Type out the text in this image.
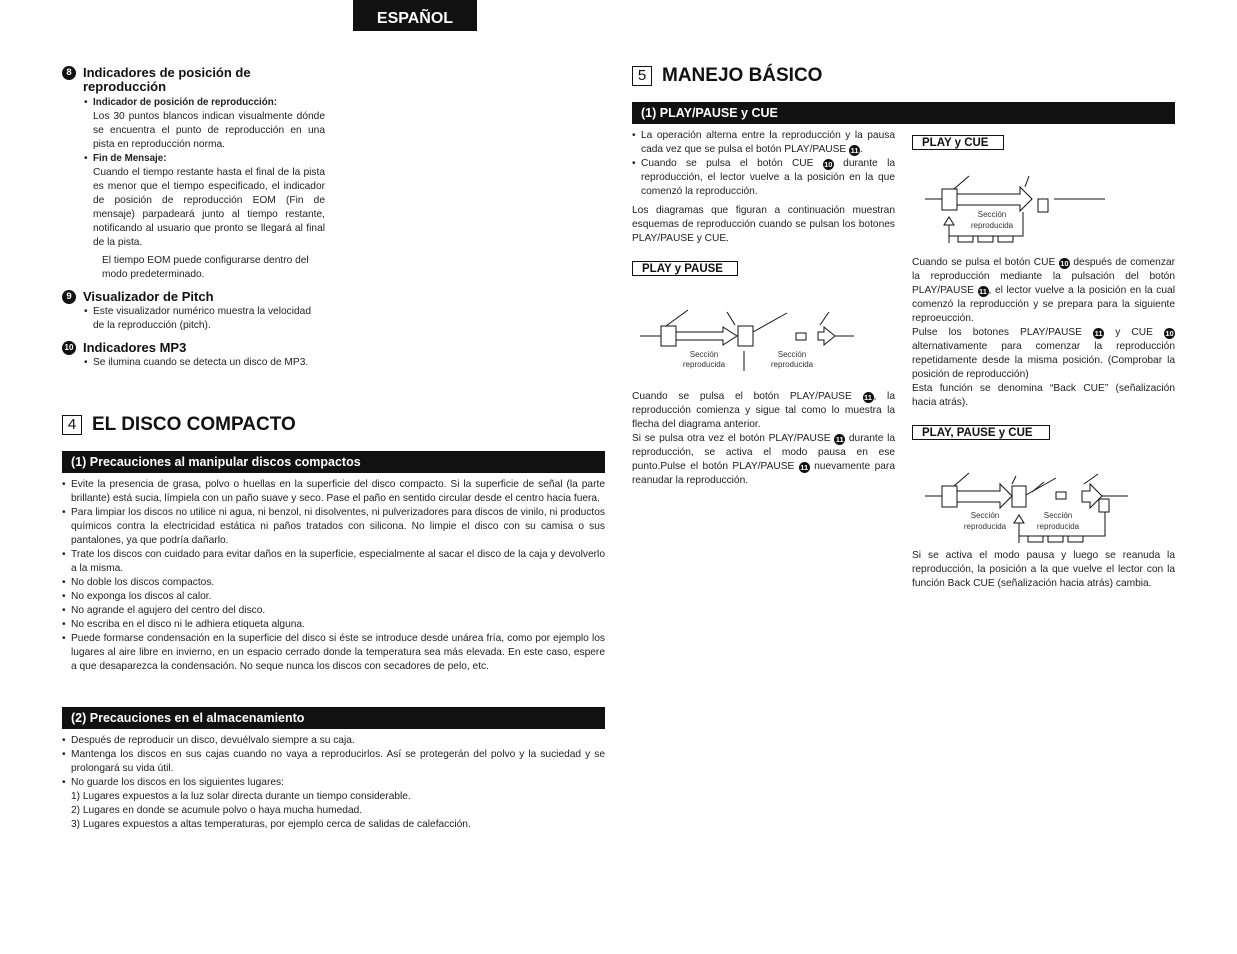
ESPAÑOL
8 Indicadores de posición de reproducción
• Indicador de posición de reproducción:
Los 30 puntos blancos indican visualmente dónde se encuentra el punto de reproducción en una pista en reproducción norma.
• Fin de Mensaje:
Cuando el tiempo restante hasta el final de la pista es menor que el tiempo especificado, el indicador de posición de reproducción EOM (Fin de mensaje) parpadeará junto al tiempo restante, notificando al usuario que pronto se llegará al final de la pista.
El tiempo EOM puede configurarse dentro del modo predeterminado.
9 Visualizador de Pitch
• Este visualizador numérico muestra la velocidad de la reproducción (pitch).
10 Indicadores MP3
• Se ilumina cuando se detecta un disco de MP3.
4 EL DISCO COMPACTO
(1) Precauciones al manipular discos compactos
• Evite la presencia de grasa, polvo o huellas en la superficie del disco compacto. Si la superficie de señal (la parte brillante) está sucia, límpiela con un paño suave y seco. Pase el paño en sentido circular desde el centro hacia fuera.
• Para limpiar los discos no utilice ni agua, ni benzol, ni disolventes, ni pulverizadores para discos de vinilo, ni productos químicos contra la electricidad estática ni paños tratados con silicona. No limpie el disco con su camisa o sus pantalones, ya que podría dañarlo.
• Trate los discos con cuidado para evitar daños en la superficie, especialmente al sacar el disco de la caja y devolverlo a la misma.
• No doble los discos compactos.
• No exponga los discos al calor.
• No agrande el agujero del centro del disco.
• No escriba en el disco ni le adhiera etiqueta alguna.
• Puede formarse condensación en la superficie del disco si éste se introduce desde unárea fría, como por ejemplo los lugares al aire libre en invierno, en un espacio cerrado donde la temperatura sea más elevada. En este caso, espere a que desaparezca la condensación. No seque nunca los discos con secadores de pelo, etc.
(2) Precauciones en el almacenamiento
• Después de reproducir un disco, devuélvalo siempre a su caja.
• Mantenga los discos en sus cajas cuando no vaya a reproducirlos. Así se protegerán del polvo y la suciedad y se prolongará su vida útil.
• No guarde los discos en los siguientes lugares:
1) Lugares expuestos a la luz solar directa durante un tiempo considerable.
2) Lugares en donde se acumule polvo o haya mucha humedad.
3) Lugares expuestos a altas temperaturas, por ejemplo cerca de salidas de calefacción.
5 MANEJO BÁSICO
(1) PLAY/PAUSE y CUE
• La operación alterna entre la reproducción y la pausa cada vez que se pulsa el botón PLAY/PAUSE 11 .
• Cuando se pulsa el botón CUE 10 durante la reproducción, el lector vuelve a la posición en la que comenzó la reproducción.
Los diagramas que figuran a continuación muestran esquemas de reproducción cuando se pulsan los botones PLAY/PAUSE y CUE.
PLAY y PAUSE
Sección
reproducida
Sección
reproducida
Cuando se pulsa el botón PLAY/PAUSE 11 , la reproducción comienza y sigue tal como lo muestra la flecha del diagrama anterior.
Si se pulsa otra vez el botón PLAY/PAUSE 11 durante la reproducción, se activa el modo pausa en ese punto.Pulse el botón PLAY/PAUSE 11 nuevamente para reanudar la reproducción.
PLAY y CUE
Sección
reproducida
Cuando se pulsa el botón CUE 10 después de comenzar la reproducción mediante la pulsación del botón PLAY/PAUSE 11 , el lector vuelve a la posición en la cual comenzó la reproducción y se prepara para la siguiente reproeucción.
Pulse los botones PLAY/PAUSE 11 y CUE 10 alternativamente para comenzar la reproducción repetidamente desde la misma posición. (Comprobar la posición de reproducción)
Esta función se denomina “Back CUE” (señalización hacia atrás).
PLAY, PAUSE y CUE
Sección
reproducida
Sección
reproducida
Si se activa el modo pausa y luego se reanuda la reproducción, la posición a la que vuelve el lector con la función Back CUE (señalización hacia atrás) cambia.
